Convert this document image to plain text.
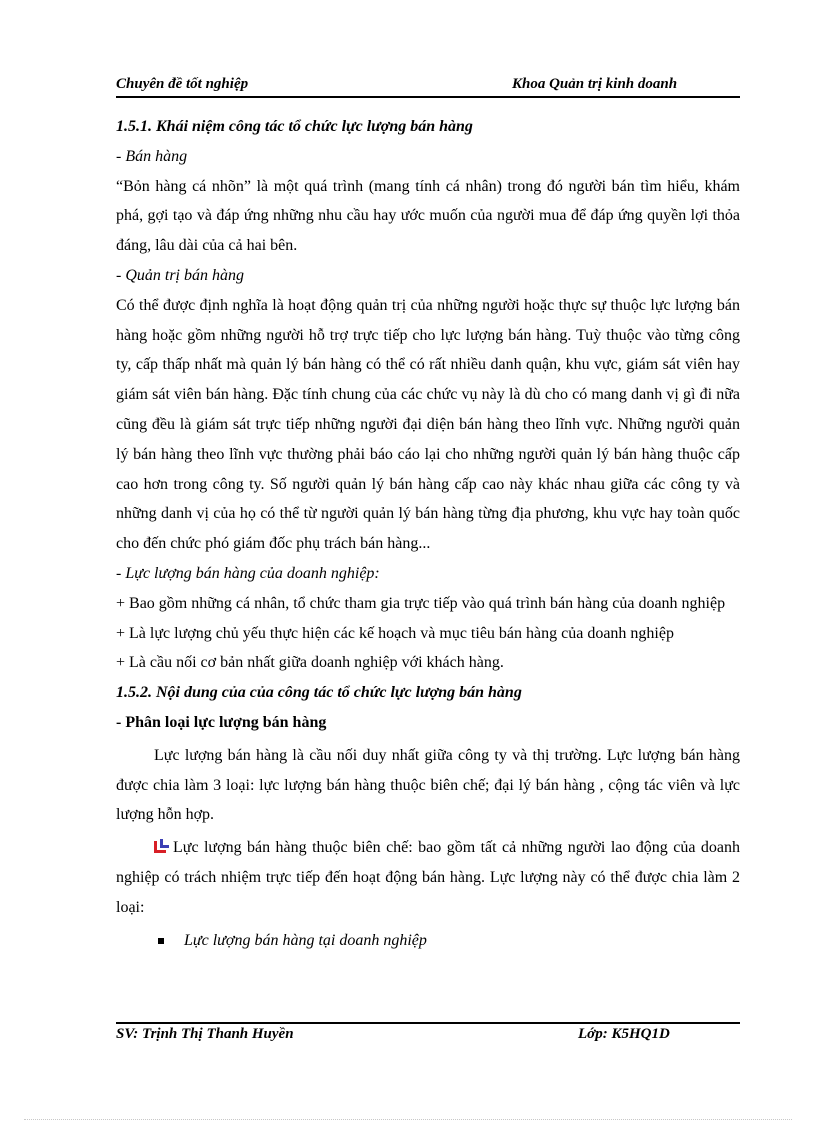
Chuyên đề tốt nghiệp	Khoa Quản trị kinh doanh

1.5.1. Khái niệm công tác tổ chức lực lượng bán hàng

- Bán hàng

“Bỏn hàng cá nhõn” là một quá trình (mang tính cá nhân) trong đó người bán tìm hiểu, khám phá, gợi tạo và đáp ứng những nhu cầu hay ước muốn của người mua để đáp ứng quyền lợi thỏa đáng, lâu dài của cả hai bên.

- Quản trị bán hàng

Có thể được định nghĩa là hoạt động quản trị của những người hoặc thực sự thuộc lực lượng bán hàng hoặc gồm những người hỗ trợ trực tiếp cho lực lượng bán hàng. Tuỳ thuộc vào từng công ty, cấp thấp nhất mà quản lý bán hàng có thể có rất nhiều danh quận, khu vực, giám sát viên hay giám sát viên bán hàng. Đặc tính chung của các chức vụ này là dù cho có mang danh vị gì đi nữa cũng đều là giám sát trực tiếp những người đại diện bán hàng theo lĩnh vực. Những người quản lý bán hàng theo lĩnh vực thường phải báo cáo lại cho những người quản lý bán hàng thuộc cấp cao hơn trong công ty. Số người quản lý bán hàng cấp cao này khác nhau giữa các công ty và những danh vị của họ có thể từ người quản lý bán hàng từng địa phương, khu vực hay toàn quốc cho đến chức phó giám đốc phụ trách bán hàng...

- Lực lượng bán hàng của doanh nghiệp:

+ Bao gồm những cá nhân, tổ chức tham gia trực tiếp vào quá trình bán hàng của doanh nghiệp

+ Là lực lượng chủ yếu thực hiện các kế hoạch và mục tiêu bán hàng của doanh nghiệp

+ Là cầu nối cơ bản nhất giữa doanh nghiệp với khách hàng.

1.5.2. Nội dung của của công tác tổ chức lực lượng bán hàng

- Phân loại lực lượng bán hàng

Lực lượng bán hàng là cầu nối duy nhất giữa công ty và thị trường. Lực lượng bán hàng được chia làm 3 loại: lực lượng bán hàng thuộc biên chế; đại lý bán hàng , cộng tác viên và lực lượng hỗn hợp.

Lực lượng bán hàng thuộc biên chế: bao gồm tất cả những người lao động của doanh nghiệp có trách nhiệm trực tiếp đến hoạt động bán hàng. Lực lượng này có thể được chia làm 2 loại:

Lực lượng bán hàng tại doanh nghiệp

SV: Trịnh Thị Thanh Huyền	Lớp: K5HQ1D
